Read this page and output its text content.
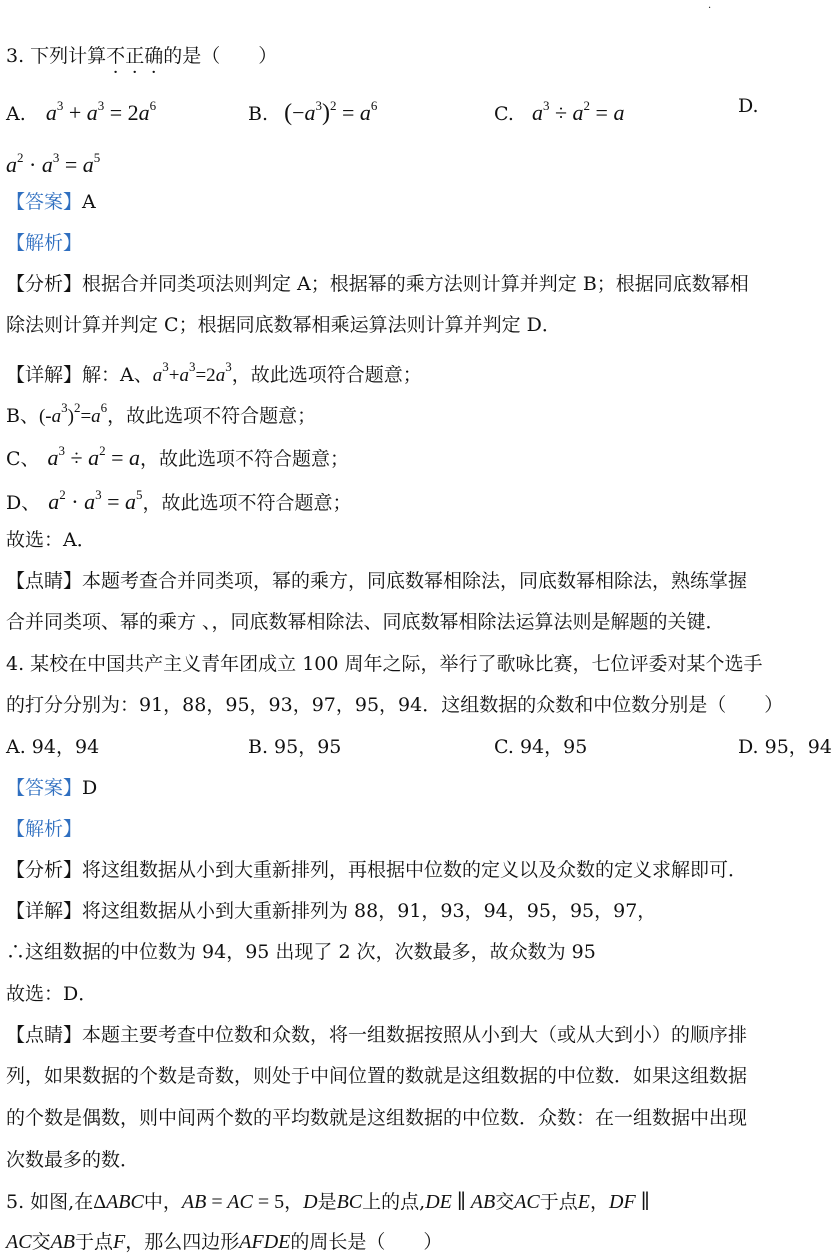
.
3. 下列计算不正确的是（　　）
A. $a^3 + a^3 = 2a^6$	B. $(-a^3)^2 = a^6$	C. $a^3 \div a^2 = a$	D.
$a^2 \cdot a^3 = a^5$
【答案】A
【解析】
【分析】根据合并同类项法则判定 A；根据幂的乘方法则计算并判定 B；根据同底数幂相
除法则计算并判定 C；根据同底数幂相乘运算法则计算并判定 D．
【详解】解：A、$a^3+a^3=2a^3$，故此选项符合题意；
B、$(-a^3)^2=a^6$，故此选项不符合题意；
C、 $a^3 \div a^2 = a$，故此选项不符合题意；
D、 $a^2 \cdot a^3 = a^5$，故此选项不符合题意；
故选：A．
【点睛】本题考查合并同类项，幂的乘方，同底数幂相除法，同底数幂相除法，熟练掌握
合并同类项、幂的乘方 、，同底数幂相除法、同底数幂相除法运算法则是解题的关键．
4. 某校在中国共产主义青年团成立 100 周年之际，举行了歌咏比赛，七位评委对某个选手
的打分分别为：91，88，95，93，97，95，94．这组数据的众数和中位数分别是（　　）
A. 94，94	B. 95，95	C. 94，95	D. 95，94
【答案】D
【解析】
【分析】将这组数据从小到大重新排列，再根据中位数的定义以及众数的定义求解即可．
【详解】将这组数据从小到大重新排列为 88，91，93，94，95，95，97，
∴这组数据的中位数为 94，95 出现了 2 次，次数最多，故众数为 95
故选：D．
【点睛】本题主要考查中位数和众数，将一组数据按照从小到大（或从大到小）的顺序排
列，如果数据的个数是奇数，则处于中间位置的数就是这组数据的中位数．如果这组数据
的个数是偶数，则中间两个数的平均数就是这组数据的中位数．众数：在一组数据中出现
次数最多的数．
5. 如图,在ΔABC中，AB = AC = 5，D是BC上的点,DE ∥ AB交AC于点E，DF ∥
AC交AB于点F，那么四边形AFDE的周长是（　　）
